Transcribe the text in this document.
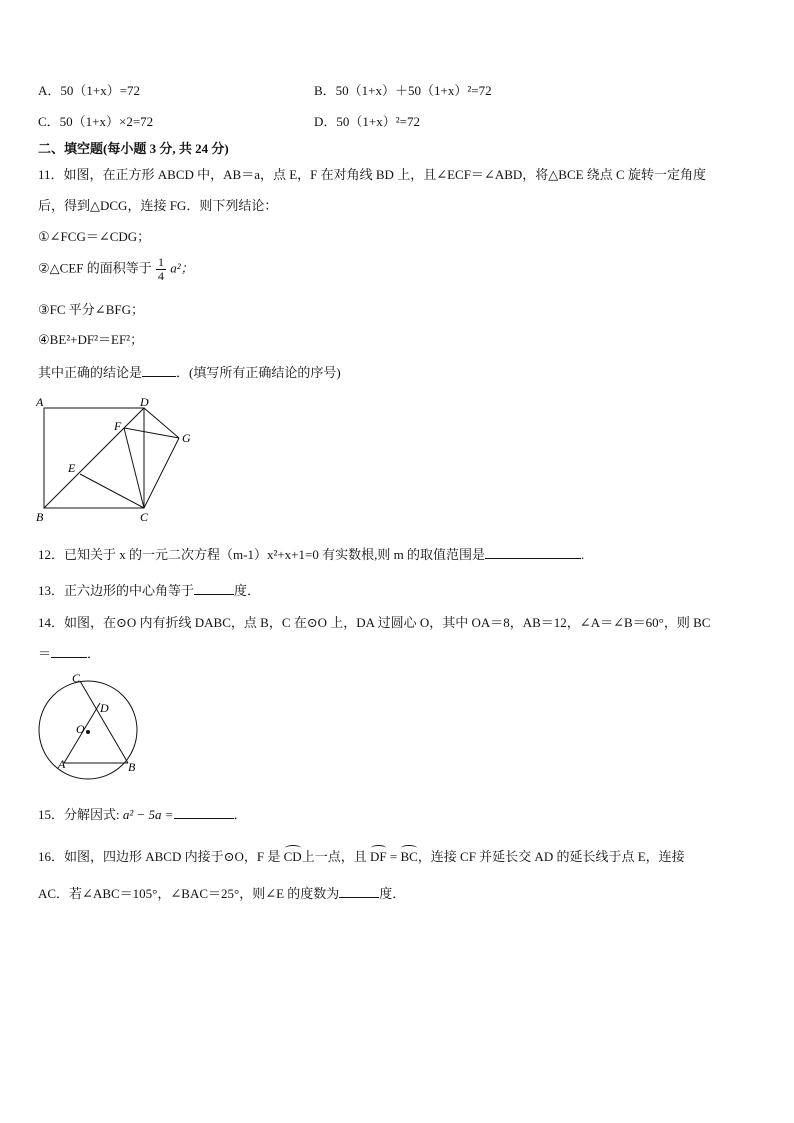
A．50（1+x）=72	B．50（1+x）＋50（1+x）²=72
C．50（1+x）×2=72	D．50（1+x）²=72
二、填空题(每小题 3 分, 共 24 分)
11．如图，在正方形 ABCD 中，AB＝a，点 E，F 在对角线 BD 上，且∠ECF＝∠ABD，将△BCE 绕点 C 旋转一定角度
后，得到△DCG，连接 FG．则下列结论：
①∠FCG＝∠CDG；
②△CEF 的面积等于 $\frac{1}{4} a^2$；
③FC 平分∠BFG；
④BE²+DF²＝EF²；
其中正确的结论是	．(填写所有正确结论的序号)
A	D
F
G
E
B	C
12．已知关于 x 的一元二次方程（m-1）x²+x+1=0 有实数根,则 m 的取值范围是	.
13．正六边形的中心角等于	度．
14．如图，在⊙O 内有折线 DABC，点 B，C 在⊙O 上，DA 过圆心 O，其中 OA＝8，AB＝12，∠A＝∠B＝60°，则 BC
＝	．
C
D
O
A	B
15．分解因式: a² − 5a =	．
16．如图，四边形 ABCD 内接于⊙O，F 是 CD上一点，且 DF = BC，连接 CF 并延长交 AD 的延长线于点 E，连接
AC．若∠ABC＝105°，∠BAC＝25°，则∠E 的度数为	度．
